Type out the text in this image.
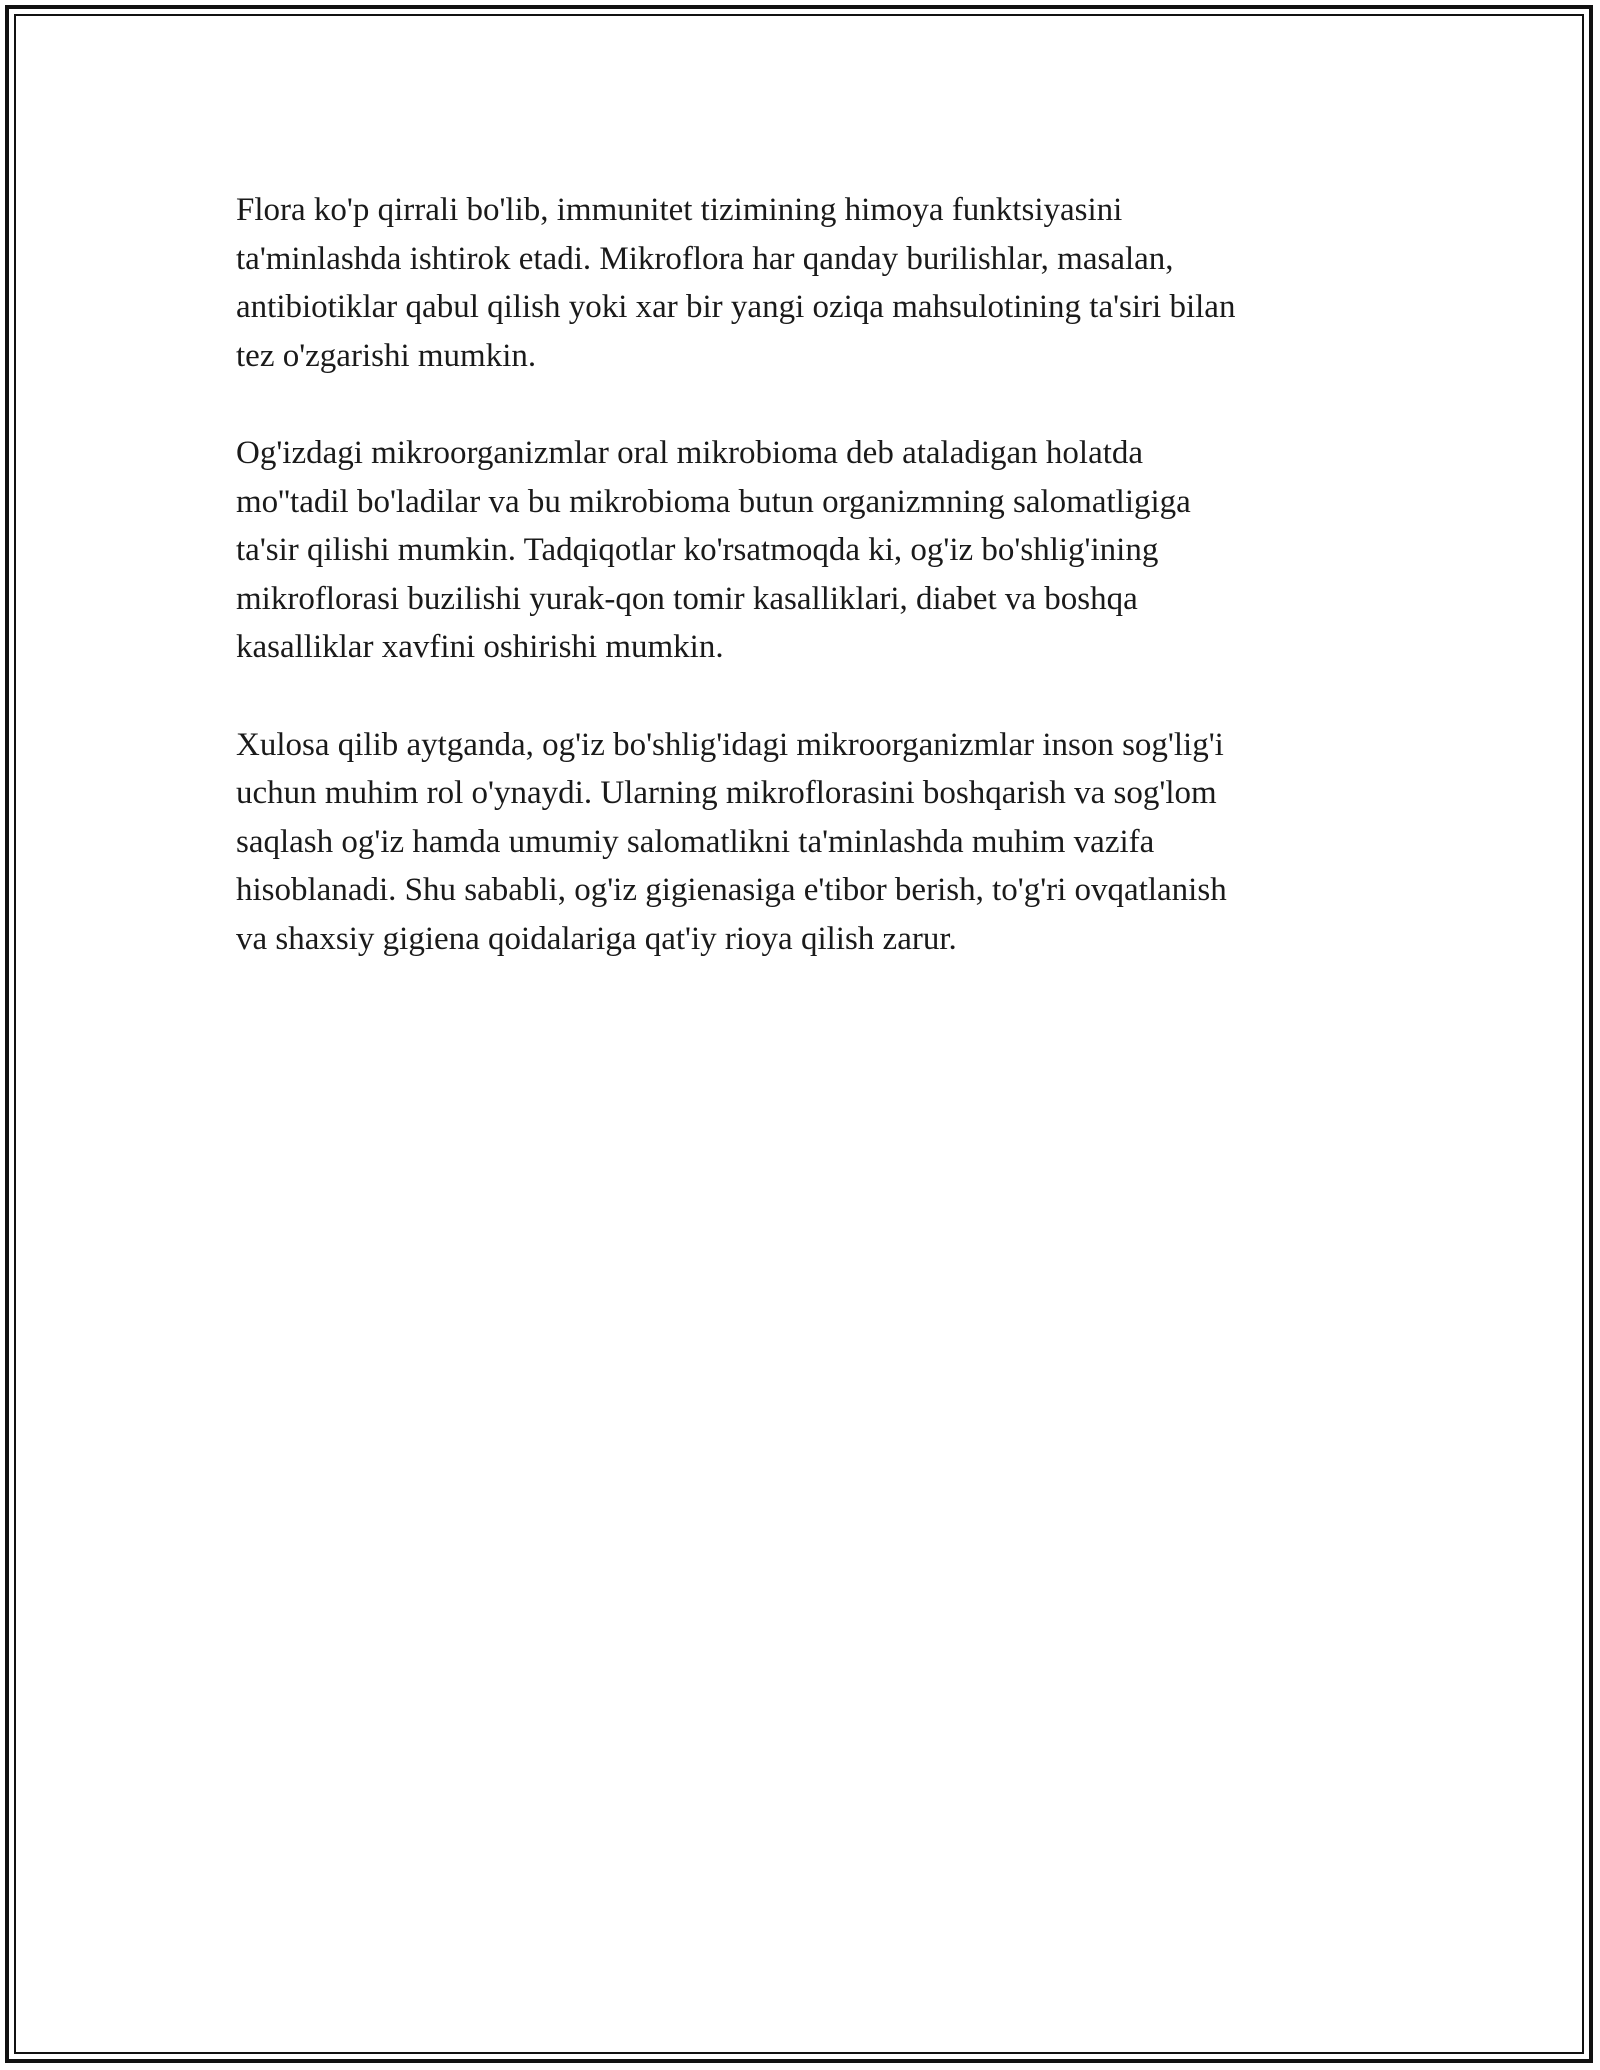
Flora ko'p qirrali bo'lib, immunitet tizimining himoya funktsiyasini
ta'minlashda ishtirok etadi. Mikroflora har qanday burilishlar, masalan,
antibiotiklar qabul qilish yoki xar bir yangi oziqa mahsulotining ta'siri bilan
tez o'zgarishi mumkin.

Og'izdagi mikroorganizmlar oral mikrobioma deb ataladigan holatda
mo''tadil bo'ladilar va bu mikrobioma butun organizmning salomatligiga
ta'sir qilishi mumkin. Tadqiqotlar ko'rsatmoqda ki, og'iz bo'shlig'ining
mikroflorasi buzilishi yurak-qon tomir kasalliklari, diabet va boshqa
kasalliklar xavfini oshirishi mumkin.

Xulosa qilib aytganda, og'iz bo'shlig'idagi mikroorganizmlar inson sog'lig'i
uchun muhim rol o'ynaydi. Ularning mikroflorasini boshqarish va sog'lom
saqlash og'iz hamda umumiy salomatlikni ta'minlashda muhim vazifa
hisoblanadi. Shu sababli, og'iz gigienasiga e'tibor berish, to'g'ri ovqatlanish
va shaxsiy gigiena qoidalariga qat'iy rioya qilish zarur.
